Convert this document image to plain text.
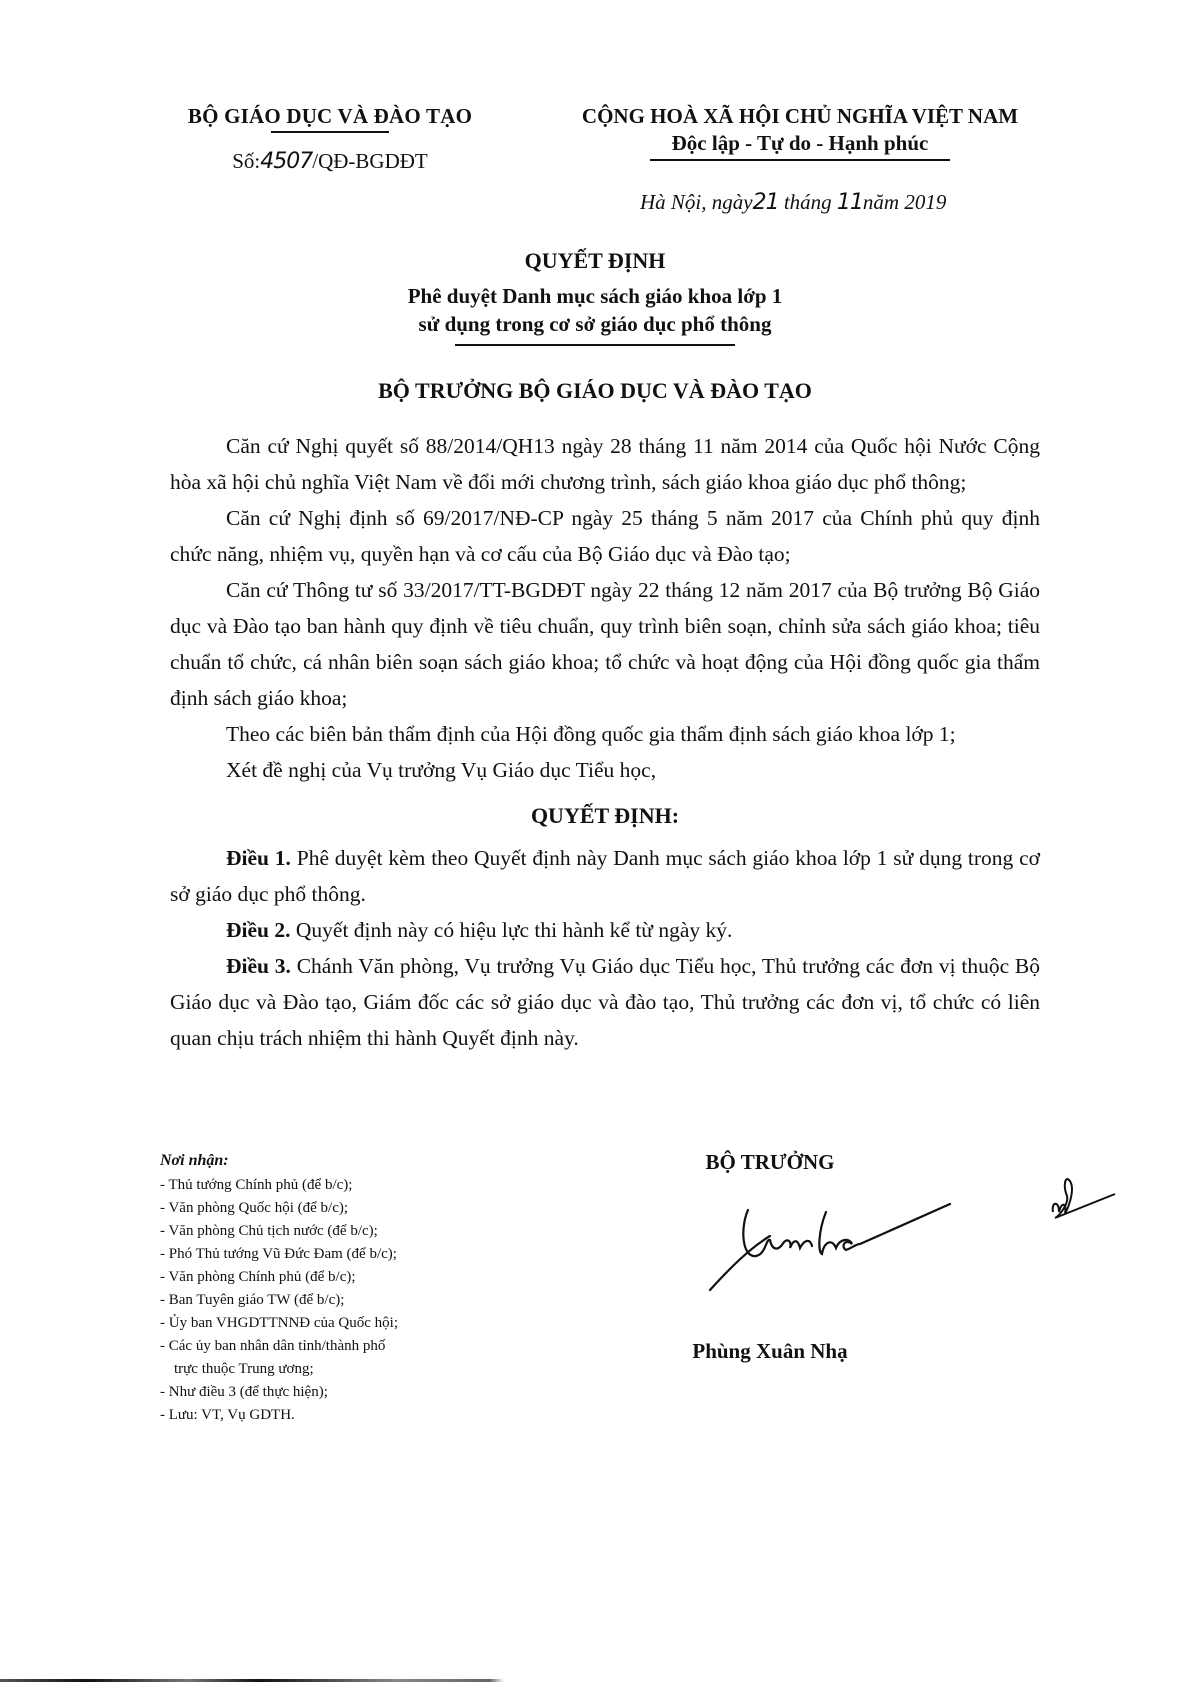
BỘ GIÁO DỤC VÀ ĐÀO TẠO
Số:4507/QĐ-BGDĐT
CỘNG HOÀ XÃ HỘI CHỦ NGHĨA VIỆT NAM
Độc lập - Tự do - Hạnh phúc
Hà Nội, ngày21 tháng 11năm 2019
QUYẾT ĐỊNH
Phê duyệt Danh mục sách giáo khoa lớp 1
sử dụng trong cơ sở giáo dục phổ thông
BỘ TRƯỞNG BỘ GIÁO DỤC VÀ ĐÀO TẠO

Căn cứ Nghị quyết số 88/2014/QH13 ngày 28 tháng 11 năm 2014 của Quốc hội Nước Cộng hòa xã hội chủ nghĩa Việt Nam về đổi mới chương trình, sách giáo khoa giáo dục phổ thông;

Căn cứ Nghị định số 69/2017/NĐ-CP ngày 25 tháng 5 năm 2017 của Chính phủ quy định chức năng, nhiệm vụ, quyền hạn và cơ cấu của Bộ Giáo dục và Đào tạo;

Căn cứ Thông tư số 33/2017/TT-BGDĐT ngày 22 tháng 12 năm 2017 của Bộ trưởng Bộ Giáo dục và Đào tạo ban hành quy định về tiêu chuẩn, quy trình biên soạn, chỉnh sửa sách giáo khoa; tiêu chuẩn tổ chức, cá nhân biên soạn sách giáo khoa; tổ chức và hoạt động của Hội đồng quốc gia thẩm định sách giáo khoa;

Theo các biên bản thẩm định của Hội đồng quốc gia thẩm định sách giáo khoa lớp 1;

Xét đề nghị của Vụ trưởng Vụ Giáo dục Tiểu học,

QUYẾT ĐỊNH:

Điều 1. Phê duyệt kèm theo Quyết định này Danh mục sách giáo khoa lớp 1 sử dụng trong cơ sở giáo dục phổ thông.

Điều 2. Quyết định này có hiệu lực thi hành kể từ ngày ký.

Điều 3. Chánh Văn phòng, Vụ trưởng Vụ Giáo dục Tiểu học, Thủ trưởng các đơn vị thuộc Bộ Giáo dục và Đào tạo, Giám đốc các sở giáo dục và đào tạo, Thủ trưởng các đơn vị, tổ chức có liên quan chịu trách nhiệm thi hành Quyết định này.

Nơi nhận:
- Thủ tướng Chính phủ (để b/c);
- Văn phòng Quốc hội (để b/c);
- Văn phòng Chủ tịch nước (để b/c);
- Phó Thủ tướng Vũ Đức Đam (để b/c);
- Văn phòng Chính phủ (để b/c);
- Ban Tuyên giáo TW (để b/c);
- Ủy ban VHGDTTNNĐ của Quốc hội;
- Các ủy ban nhân dân tỉnh/thành phố
trực thuộc Trung ương;
- Như điều 3 (để thực hiện);
- Lưu: VT, Vụ GDTH.
BỘ TRƯỞNG
Phùng Xuân Nhạ
